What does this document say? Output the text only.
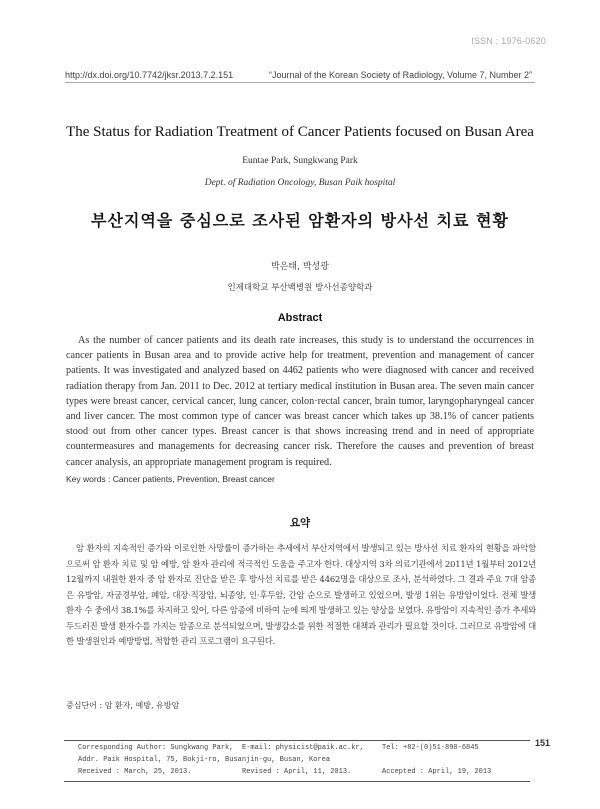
ISSN : 1976-0620
http://dx.doi.org/10.7742/jksr.2013.7.2.151	“Journal of the Korean Society of Radiology, Volume 7, Number 2”
The Status for Radiation Treatment of Cancer Patients focused on Busan Area
Euntae Park, Sungkwang Park
Dept. of Radiation Oncology, Busan Paik hospital
부산지역을 중심으로 조사된 암환자의 방사선 치료 현황
박은태, 박성광
인제대학교 부산백병원 방사선종양학과
Abstract
As the number of cancer patients and its death rate increases, this study is to understand the occurrences in cancer patients in Busan area and to provide active help for treatment, prevention and management of cancer patients. It was investigated and analyzed based on 4462 patients who were diagnosed with cancer and received radiation therapy from Jan. 2011 to Dec. 2012 at tertiary medical institution in Busan area. The seven main cancer types were breast cancer, cervical cancer, lung cancer, colon·rectal cancer, brain tumor, laryngopharyngeal cancer and liver cancer. The most common type of cancer was breast cancer which takes up 38.1% of cancer patients stood out from other cancer types. Breast cancer is that shows increasing trend and in need of appropriate countermeasures and managements for decreasing cancer risk. Therefore the causes and prevention of breast cancer analysis, an appropriate management program is required.
Key words : Cancer patients, Prevention, Breast cancer
요약
암 환자의 지속적인 증가와 이로인한 사망률이 증가하는 추세에서 부산지역에서 발생되고 있는 방사선 치료 환자의 현황을 파악함으로써 암 환자 치료 및 암 예방, 암 환자 관리에 적극적인 도움을 주고자 한다. 대상지역 3차 의료기관에서 2011년 1월부터 2012년 12월까지 내원한 환자 중 암 환자로 진단을 받은 후 방사선 치료를 받은 4462명을 대상으로 조사, 분석하였다. 그 결과 주요 7대 암종은 유방암, 자궁경부암, 폐암, 대장·직장암, 뇌종양, 인·후두암, 간암 순으로 발생하고 있었으며, 발생 1위는 유방암이었다. 전체 발생 환자 수 중에서 38.1%를 차지하고 있어, 다른 암종에 비하여 눈에 띄게 발생하고 있는 양상을 보였다. 유방암이 지속적인 증가 추세와 두드러진 발생 환자수를 가지는 암종으로 분석되었으며, 발생감소를 위한 적절한 대책과 관리가 필요할 것이다. 그러므로 유방암에 대한 발생원인과 예방방법, 적합한 관리 프로그램이 요구된다.
중심단어 : 암 환자, 예방, 유방암
151
Corresponding Author: Sungkwang Park, E-mail: physicist@paik.ac.kr,	Tel: +82-(0)51-890-6845
Addr. Paik Hospital, 75, Bokji-ro, Busanjin-gu, Busan, Korea
Received : March, 25, 2013.	Revised : April, 11, 2013.	Accepted : April, 19, 2013
